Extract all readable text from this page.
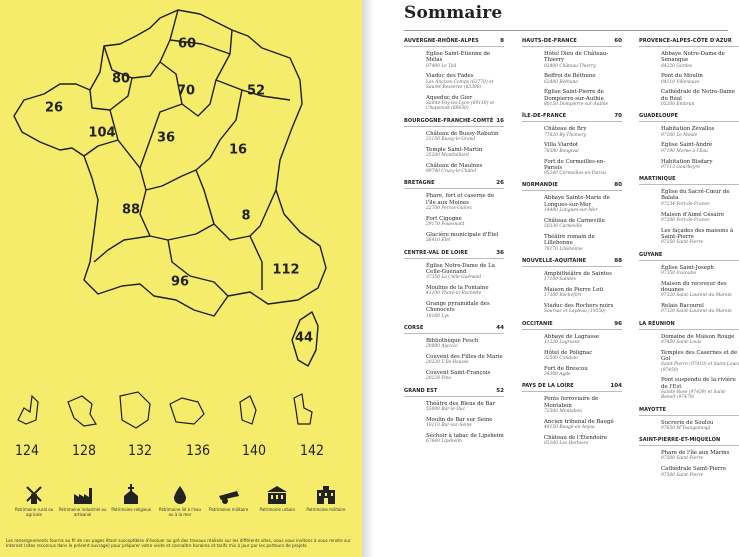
60
80
70	52
26
104	36
16
8
88
112
96
44
124 128 132 136 140 142
Patrimoine rural ou agricole
Patrimoine industriel ou artisanal
Patrimoine religieux	Patrimoine lié à l'eau ou à la mer
Patrimoine militaire	Patrimoine urbain	Patrimoine militaire
Les renseignements fournis au fil de ces pages étant susceptibles d'évoluer au gré des travaux réalisés sur les différents sites, nous vous invitons à vous rendre sur Internet (sites reconnus dans le présent ouvrage) pour préparer votre visite et connaître horaires et tarifs mis à jour par les porteurs de projets.
Sommaire
AUVERGNE-RHÔNE-ALPES	8
Église Saint-Étienne de Mélas
07400 Le Teil
Viaduc des Fades
Les Ancizes-Comps (63770) et Sauret-Besserve (63390)
Aqueduc du Gier
Sainte-Foy-lès-Lyon (69110) et Chaponost (69630)
BOURGOGNE-FRANCHE-COMTÉ 16
Château de Bussy-Rabutin
21150 Bussy-le-Grand
Temple Saint-Martin
25200 Montbéliard
Château de Maulnes
89740 Cruzy-le-Châtel
BRETAGNE	26
Phare, fort et caserne de l'île aux Moines
22700 Perros-Guirec
Fort Cigogne
29170 Fouesnant
Glacière municipale d'Étel
56410 Étel
CENTRE-VAL DE LOIRE	36
Église Notre-Dame de La Celle-Guénand
37350 La Celle-Guénand
Moulins de la Fontaine
41100 Thoré-la-Rochette
Grange pyramidale des Chenocets
18160 Lys
CORSE	44
Bibliothèque Fesch
20000 Ajaccio
Couvent des Filles de Marie
20220 L'Île-Rousse
Couvent Saint-François
20228 Pino
GRAND EST	52
Théâtre des Bleus de Bar
55000 Bar-le-Duc
Moulin de Bar sur Seine
10110 Bar-sur-Seine
Séchoir à tabac de Lipsheim
67640 Lipsheim
HAUTS-DE-FRANCE	60
Hôtel Dieu de Château-Thierry
02400 Château-Thierry
Beffroi de Béthune
62400 Béthune
Église Saint-Pierre de Dompierre-sur-Authie
80150 Dompierre-sur-Authie
ÎLE-DE-FRANCE	70
Château de Bry
77820 By-Thomery
Villa Viardot
78380 Bougival
Fort de Cormeilles-en-Parisis
95240 Cormeilles-en-Parisis
NORMANDIE	80
Abbaye Sainte-Marie de Longues-sur-Mer
14400 Longues-sur-Mer
Château de Carneville
50330 Carneville
Théâtre romain de Lillebonne
76170 Lillebonne
NOUVELLE-AQUITAINE	88
Amphithéâtre de Saintes
17100 Saintes
Maison de Pierre Loti
17300 Rochefort
Viaduc des Rochers noirs
Soursac et Lapleau (19550)
OCCITANIE	96
Abbaye de Lagrasse
11220 Lagrasse
Hôtel de Polignac
32500 Condom
Fort de Brescou
34300 Agde
PAYS DE LA LOIRE	104
Ponts ferroviaire de Montabon
72500 Montabon
Ancien tribunal de Baugé
49150 Baugé-en-Anjou
Château de l'Étendoire
85160 Les Herbiers
PROVENCE-ALPES-CÔTE D'AZUR
Abbaye Notre-Dame de Senanque
84220 Gordes
Pont du Moulin
04110 Villeneuve
Cathédrale de Notre-Dame du Réal
05200 Embrun
GUADELOUPE
Habitation Zévallos
97160 Le Moule
Église Saint-André
97190 Morne-à-l'Eau
Habitation Bisdary
97113 Gourbeyre
MARTINIQUE
Église du Sacré-Cœur de Balata
97234 Fort-de-France
Maison d'Aimé Césaire
97200 Fort-de-France
Les façades des maisons à Saint-Pierre
97250 Saint-Pierre
GUYANE
Église Saint-Joseph
97350 Iracoubo
Maison du receveur des douanes
97320 Saint-Laurent-du-Maroni
Relais Bacourel
97320 Saint-Laurent-du-Maroni
LA RÉUNION
Domaine de Maison Rouge
97450 Saint-Louis
Temples des Casernes et de Gol
Saint-Pierre (97410) et Saint-Louis (97450)
Pont suspendu de la rivière de l'Est
Sainte-Rose (97439) et Saint-Benoît (97470)
MAYOTTE
Sucrerie de Soulou
97650 M'Tsangamouji
SAINT-PIERRE-ET-MIQUELON
Phare de l'île aux Marins
97500 Saint-Pierre
Cathédrale Saint-Pierre
97500 Saint-Pierre
